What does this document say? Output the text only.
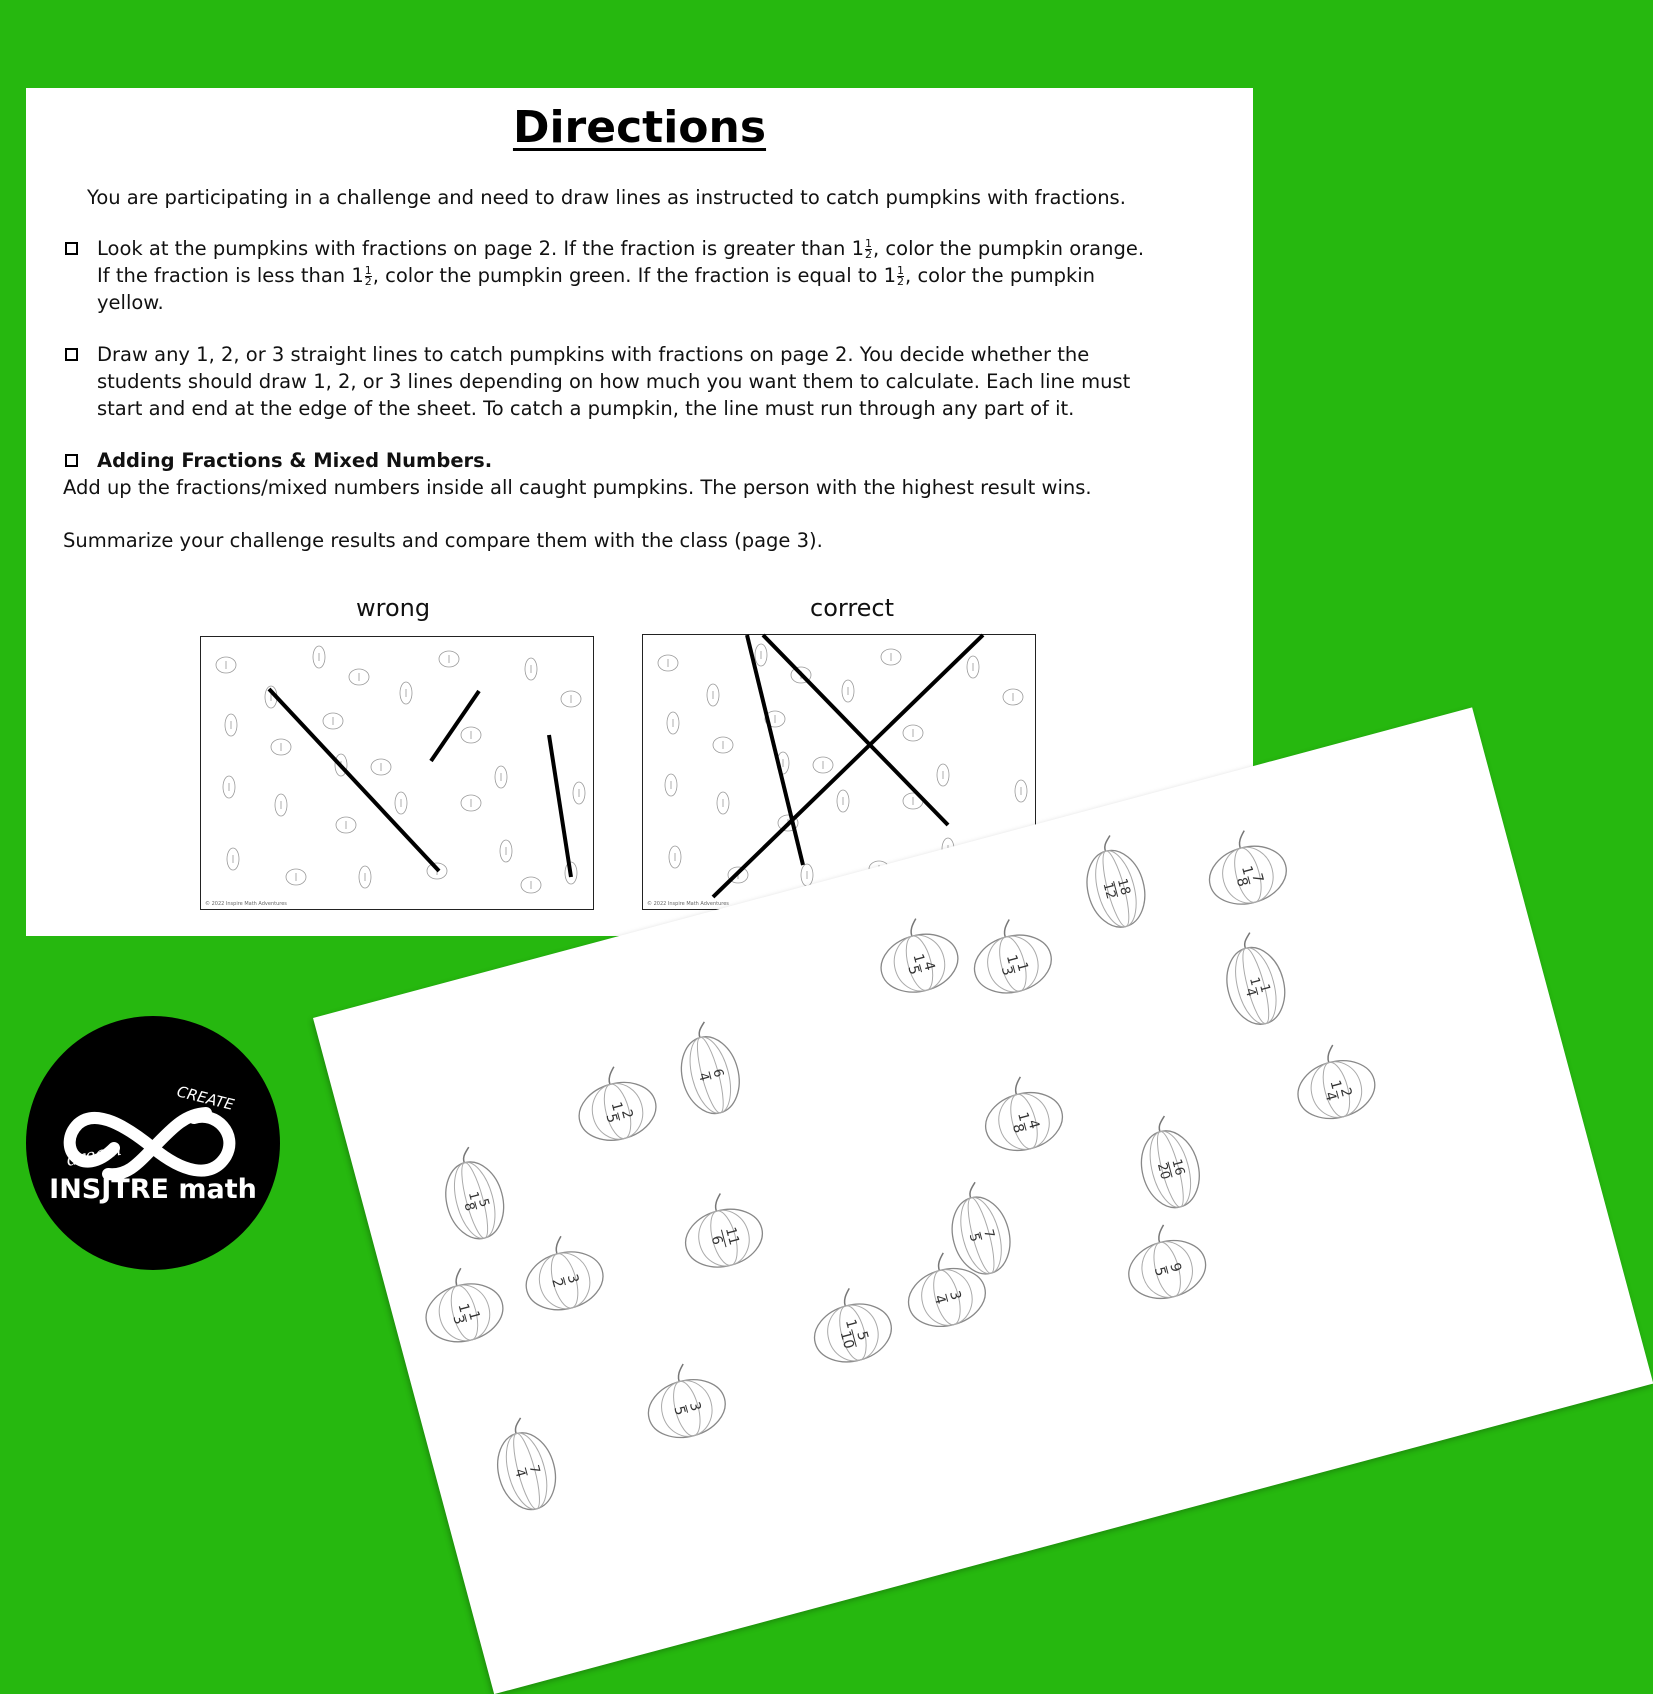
Directions
You are participating in a challenge and need to draw lines as instructed to catch pumpkins with fractions.
Look at the pumpkins with fractions on page 2. If the fraction is greater than $1 \frac{1}{2}$ , color the pumpkin orange.
If the fraction is less than $1 \frac{1}{2}$ , color the pumpkin green. If the fraction is equal to $1 \frac{1}{2}$ , color the pumpkin
yellow.
Draw any 1, 2, or 3 straight lines to catch pumpkins with fractions on page 2. You decide whether the
students should draw 1, 2, or 3 lines depending on how much you want them to calculate. Each line must
start and end at the edge of the sheet. To catch a pumpkin, the line must run through any part of it.
Adding Fractions & Mixed Numbers.
Add up the fractions/mixed numbers inside all caught pumpkins. The person with the highest result wins.
Summarize your challenge results and compare them with the class (page 3).
wrong	correct
© 2022 Inspire Math Adventures	© 2022 Inspire Math Adventures
1
4
5
18
12
1
7
8
1
5
8
1
2
5
6
4
1
1
3
1
1
4
1
1
3
3
2
11
6
1
4
8
7
5
16
20
1
2
4
7
4
3
5
1
5
10
3
4
9
5
CREATE
dream
INSJTRE math
